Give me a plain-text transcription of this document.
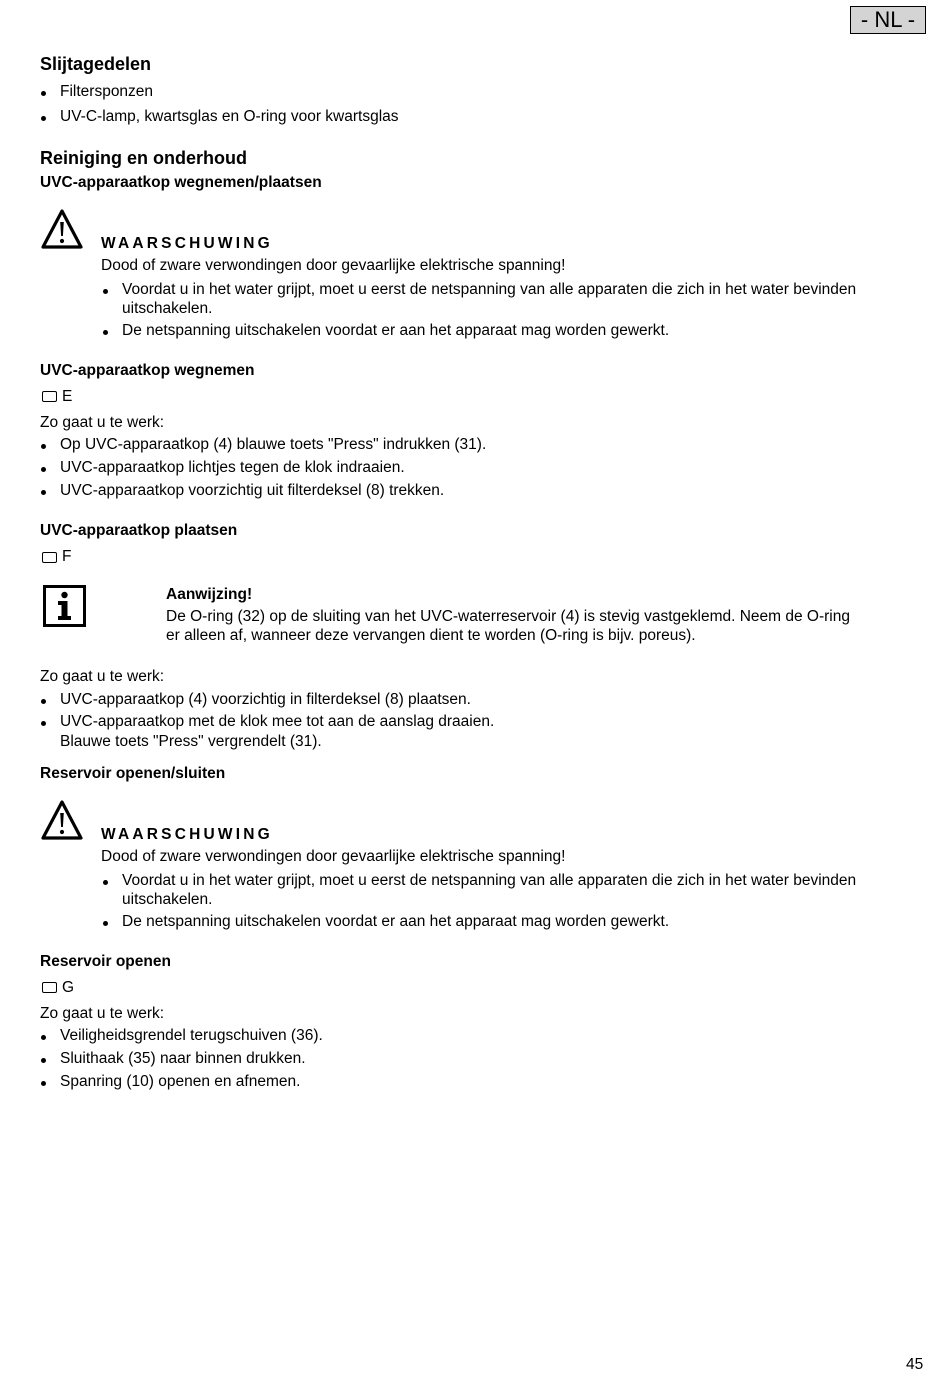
- NL -
Slijtagedelen
Filtersponzen
UV-C-lamp, kwartsglas en O-ring voor kwartsglas
Reiniging en onderhoud
UVC-apparaatkop wegnemen/plaatsen
WAARSCHUWING
Dood of zware verwondingen door gevaarlijke elektrische spanning!
Voordat u in het water grijpt, moet u eerst de netspanning van alle apparaten die zich in het water bevinden
uitschakelen.
De netspanning uitschakelen voordat er aan het apparaat mag worden gewerkt.
UVC-apparaatkop wegnemen
E
Zo gaat u te werk:
Op UVC-apparaatkop (4) blauwe toets "Press" indrukken (31).
UVC-apparaatkop lichtjes tegen de klok indraaien.
UVC-apparaatkop voorzichtig uit filterdeksel (8) trekken.
UVC-apparaatkop plaatsen
F
Aanwijzing!
De O-ring (32) op de sluiting van het UVC-waterreservoir (4) is stevig vastgeklemd. Neem de O-ring
er alleen af, wanneer deze vervangen dient te worden (O-ring is bijv. poreus).
Zo gaat u te werk:
UVC-apparaatkop (4) voorzichtig in filterdeksel (8) plaatsen.
UVC-apparaatkop met de klok mee tot aan de aanslag draaien.
Blauwe toets "Press" vergrendelt (31).
Reservoir openen/sluiten
WAARSCHUWING
Dood of zware verwondingen door gevaarlijke elektrische spanning!
Voordat u in het water grijpt, moet u eerst de netspanning van alle apparaten die zich in het water bevinden
uitschakelen.
De netspanning uitschakelen voordat er aan het apparaat mag worden gewerkt.
Reservoir openen
G
Zo gaat u te werk:
Veiligheidsgrendel terugschuiven (36).
Sluithaak (35) naar binnen drukken.
Spanring (10) openen en afnemen.
45
